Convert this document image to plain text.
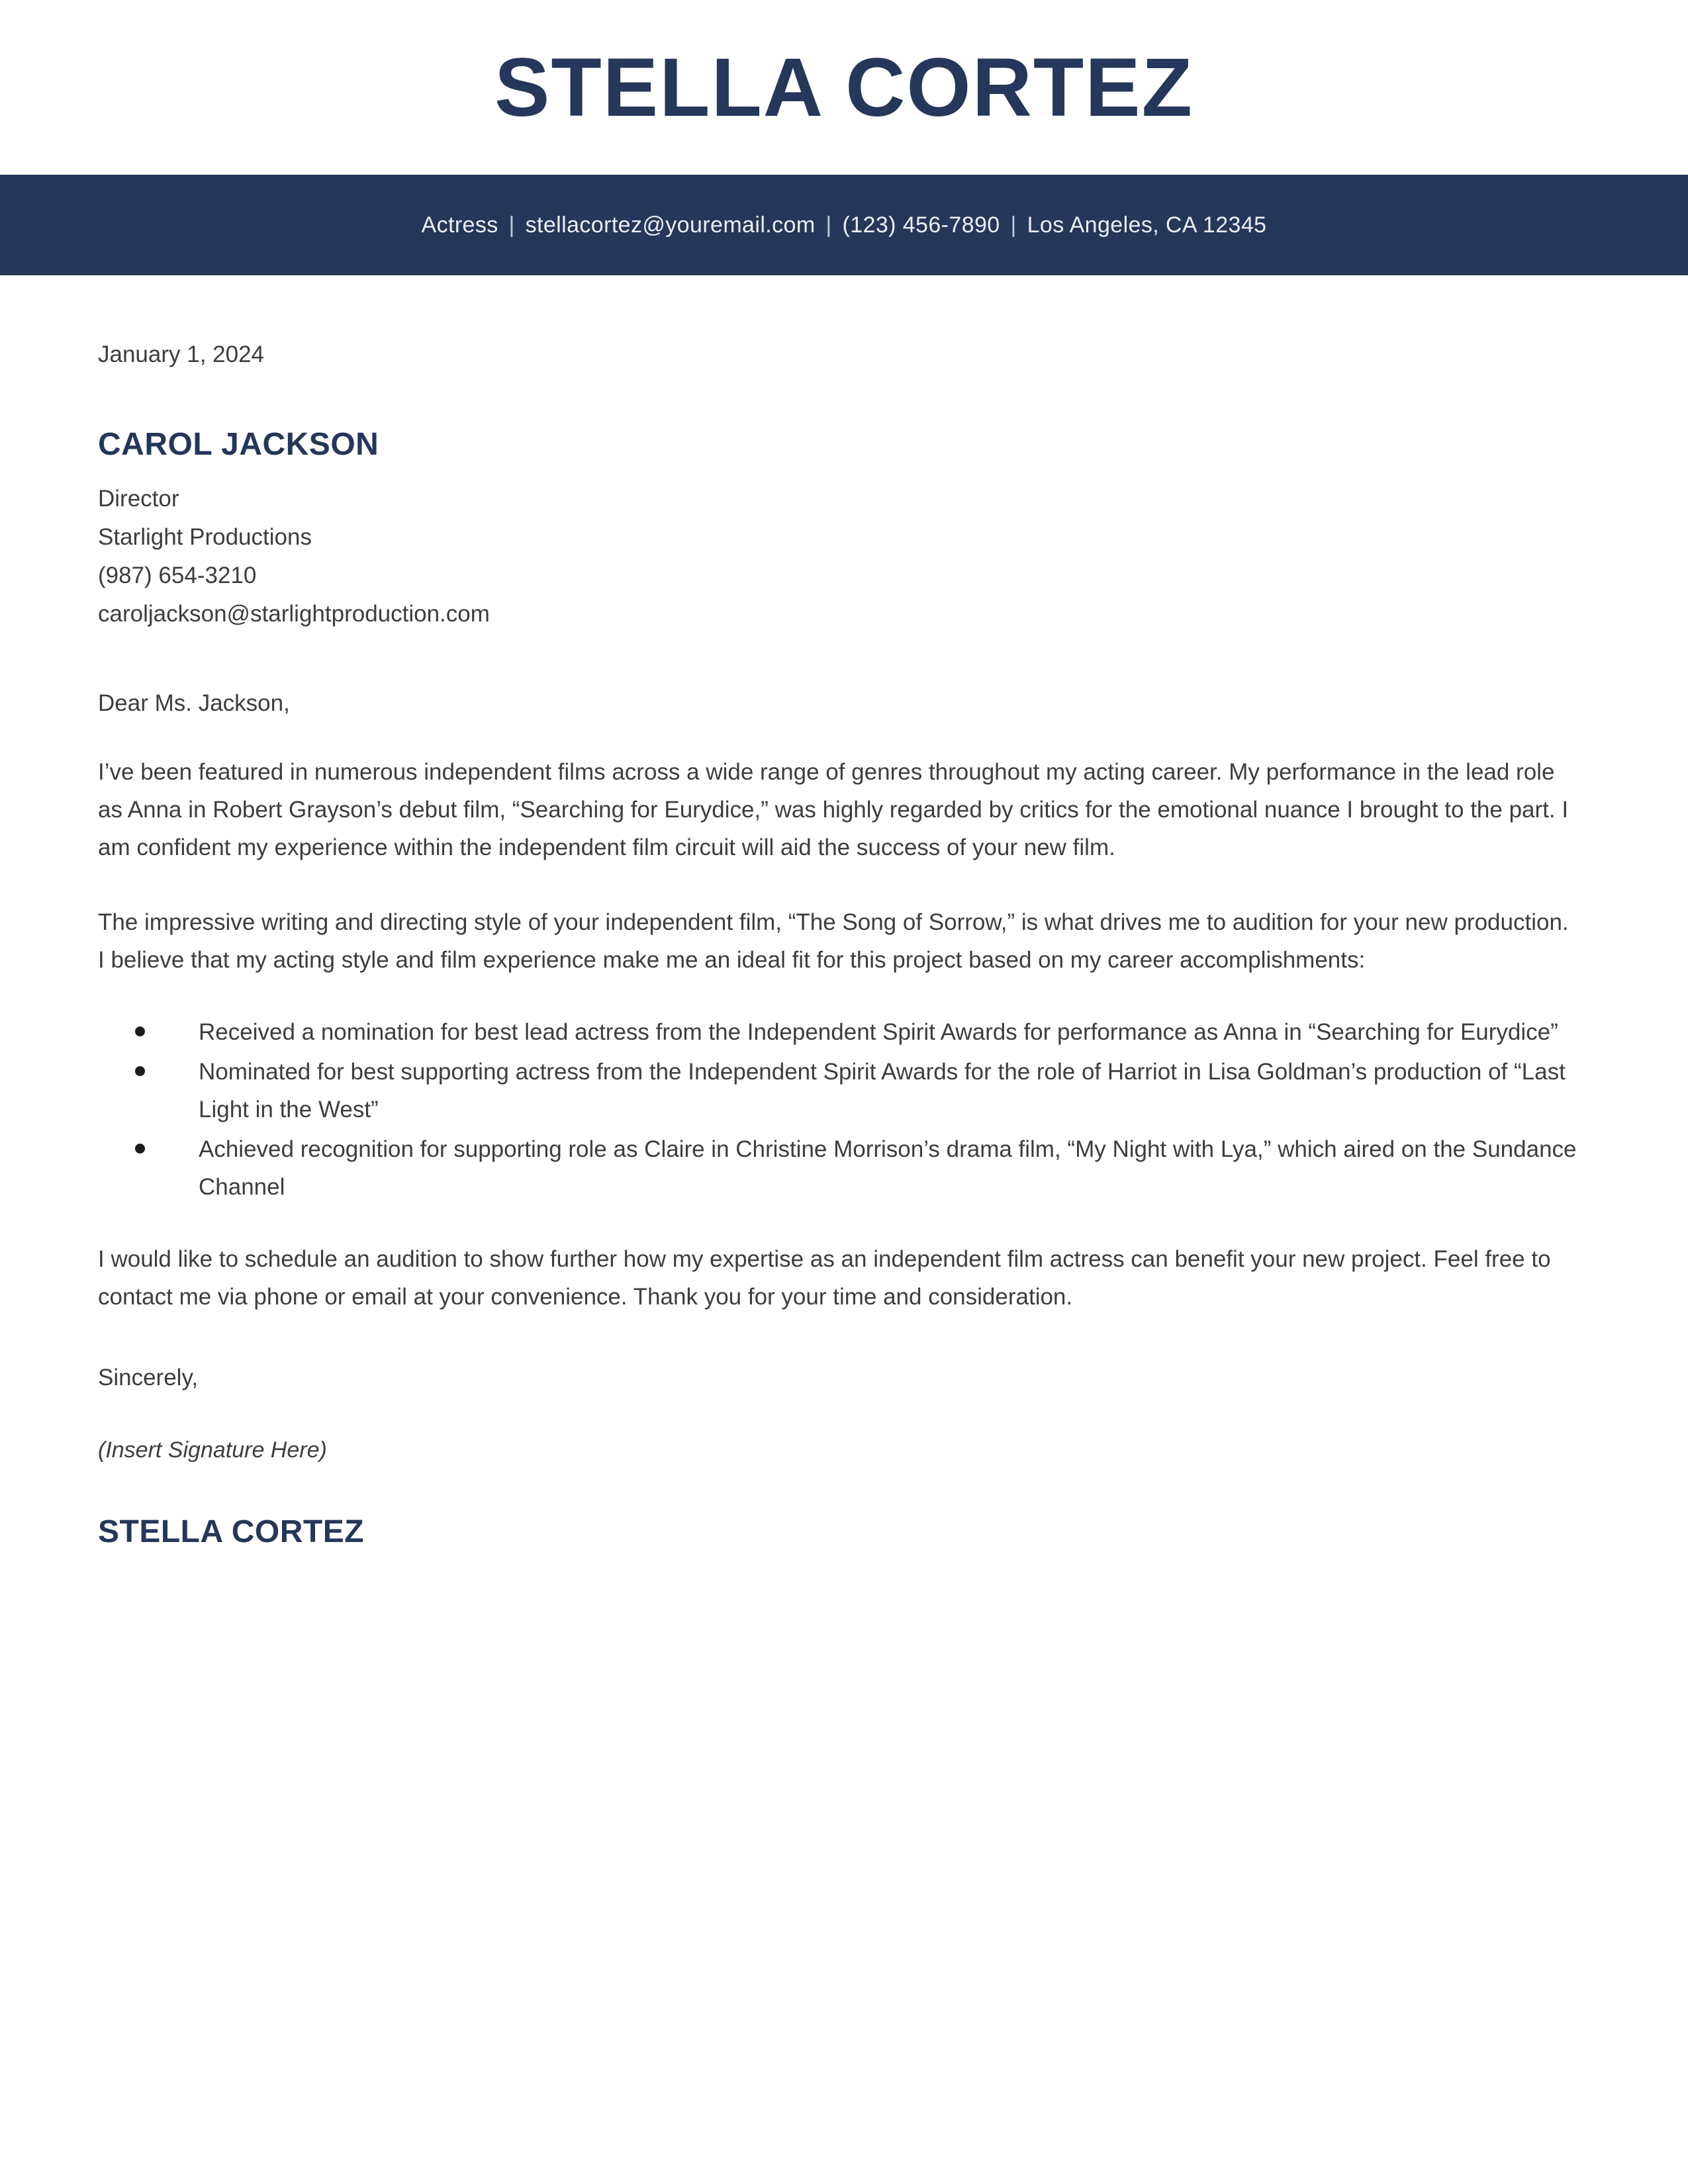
STELLA CORTEZ
Actress | stellacortez@youremail.com | (123) 456-7890 | Los Angeles, CA 12345
January 1, 2024
CAROL JACKSON
Director
Starlight Productions
(987) 654-3210
caroljackson@starlightproduction.com
Dear Ms. Jackson,

I’ve been featured in numerous independent films across a wide range of genres throughout my acting career. My performance in the lead role as Anna in Robert Grayson’s debut film, “Searching for Eurydice,” was highly regarded by critics for the emotional nuance I brought to the part. I am confident my experience within the independent film circuit will aid the success of your new film.

The impressive writing and directing style of your independent film, “The Song of Sorrow,” is what drives me to audition for your new production. I believe that my acting style and film experience make me an ideal fit for this project based on my career accomplishments:

Received a nomination for best lead actress from the Independent Spirit Awards for performance as Anna in “Searching for Eurydice”
Nominated for best supporting actress from the Independent Spirit Awards for the role of Harriot in Lisa Goldman’s production of “Last Light in the West”
Achieved recognition for supporting role as Claire in Christine Morrison’s drama film, “My Night with Lya,” which aired on the Sundance Channel

I would like to schedule an audition to show further how my expertise as an independent film actress can benefit your new project. Feel free to contact me via phone or email at your convenience. Thank you for your time and consideration.

Sincerely,
(Insert Signature Here)
STELLA CORTEZ
